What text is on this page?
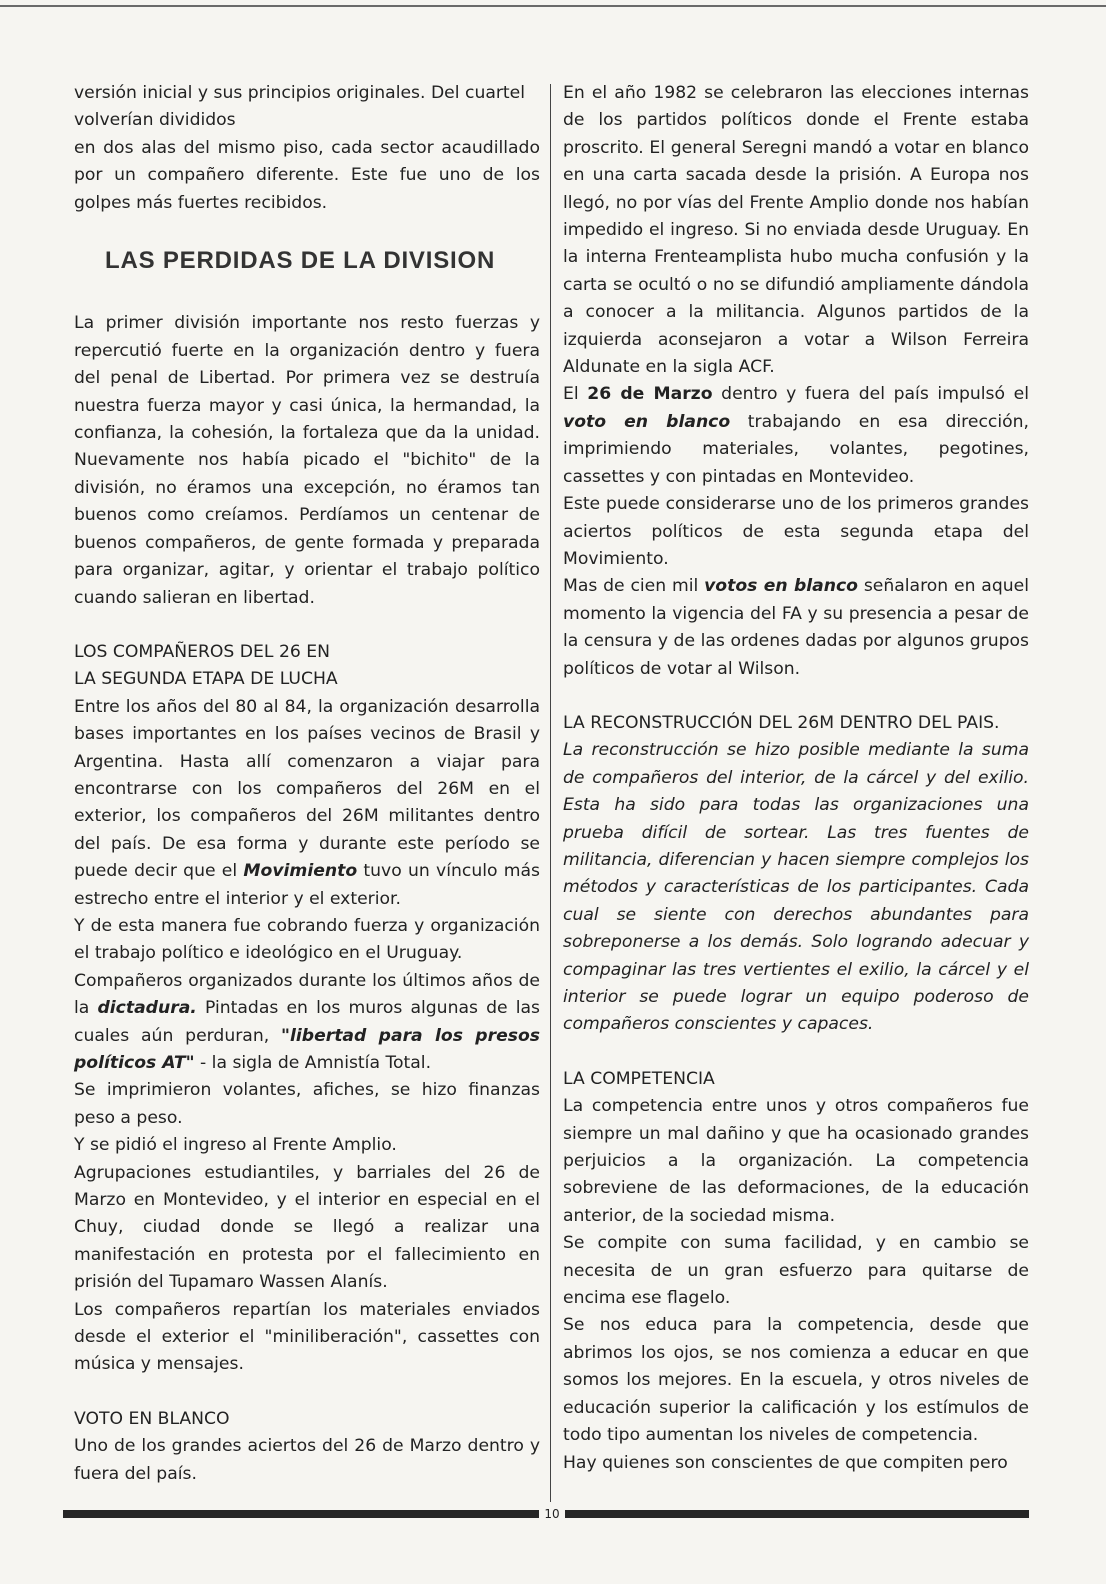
versión inicial y sus principios originales. Del cuartel volverían divididos

en dos alas del mismo piso, cada sector acaudillado por un compañero diferente. Este fue uno de los golpes más fuertes recibidos.

LAS PERDIDAS DE LA DIVISION

La primer división importante nos resto fuerzas y repercutió fuerte en la organización dentro y fuera del penal de Libertad. Por primera vez se destruía nuestra fuerza mayor y casi única, la hermandad, la confianza, la cohesión, la fortaleza que da la unidad. Nuevamente nos había picado el "bichito" de la división, no éramos una excepción, no éramos tan buenos como creíamos. Perdíamos un centenar de buenos compañeros, de gente formada y preparada para organizar, agitar, y orientar el trabajo político cuando salieran en libertad.

LOS COMPAÑEROS DEL 26 EN

LA SEGUNDA ETAPA DE LUCHA

Entre los años del 80 al 84, la organización desarrolla bases importantes en los países vecinos de Brasil y Argentina. Hasta allí comenzaron a viajar para encontrarse con los compañeros del 26M en el exterior, los compañeros del 26M militantes dentro del país. De esa forma y durante este período se puede decir que el Movimiento tuvo un vínculo más estrecho entre el interior y el exterior.

Y de esta manera fue cobrando fuerza y organización el trabajo político e ideológico en el Uruguay.

Compañeros organizados durante los últimos años de la dictadura. Pintadas en los muros algunas de las cuales aún perduran, "libertad para los presos políticos AT" - la sigla de Amnistía Total.

Se imprimieron volantes, afiches, se hizo finanzas peso a peso.

Y se pidió el ingreso al Frente Amplio.

Agrupaciones estudiantiles, y barriales del 26 de Marzo en Montevideo, y el interior en especial en el Chuy, ciudad donde se llegó a realizar una manifestación en protesta por el fallecimiento en prisión del Tupamaro Wassen Alanís.

Los compañeros repartían los materiales enviados desde el exterior el "miniliberación", cassettes con música y mensajes.

VOTO EN BLANCO

Uno de los grandes aciertos del 26 de Marzo dentro y fuera del país.

En el año 1982 se celebraron las elecciones internas de los partidos políticos donde el Frente estaba proscrito. El general Seregni mandó a votar en blanco en una carta sacada desde la prisión. A Europa nos llegó, no por vías del Frente Amplio donde nos habían impedido el ingreso. Si no enviada desde Uruguay. En la interna Frenteamplista hubo mucha confusión y la carta se ocultó o no se difundió ampliamente dándola a conocer a la militancia. Algunos partidos de la izquierda aconsejaron a votar a Wilson Ferreira Aldunate en la sigla ACF.

El 26 de Marzo dentro y fuera del país impulsó el voto en blanco trabajando en esa dirección, imprimiendo materiales, volantes, pegotines, cassettes y con pintadas en Montevideo.

Este puede considerarse uno de los primeros grandes aciertos políticos de esta segunda etapa del Movimiento.

Mas de cien mil votos en blanco señalaron en aquel momento la vigencia del FA y su presencia a pesar de la censura y de las ordenes dadas por algunos grupos políticos de votar al Wilson.

LA RECONSTRUCCIÓN DEL 26M DENTRO DEL PAIS.

La reconstrucción se hizo posible mediante la suma de compañeros del interior, de la cárcel y del exilio. Esta ha sido para todas las organizaciones una prueba difícil de sortear. Las tres fuentes de militancia, diferencian y hacen siempre complejos los métodos y características de los participantes. Cada cual se siente con derechos abundantes para sobreponerse a los demás. Solo logrando adecuar y compaginar las tres vertientes el exilio, la cárcel y el interior se puede lograr un equipo poderoso de compañeros conscientes y capaces.

LA COMPETENCIA

La competencia entre unos y otros compañeros fue siempre un mal dañino y que ha ocasionado grandes perjuicios a la organización. La competencia sobreviene de las deformaciones, de la educación anterior, de la sociedad misma.

Se compite con suma facilidad, y en cambio se necesita de un gran esfuerzo para quitarse de encima ese flagelo.

Se nos educa para la competencia, desde que abrimos los ojos, se nos comienza a educar en que somos los mejores. En la escuela, y otros niveles de educación superior la calificación y los estímulos de todo tipo aumentan los niveles de competencia.

Hay quienes son conscientes de que compiten pero

10
